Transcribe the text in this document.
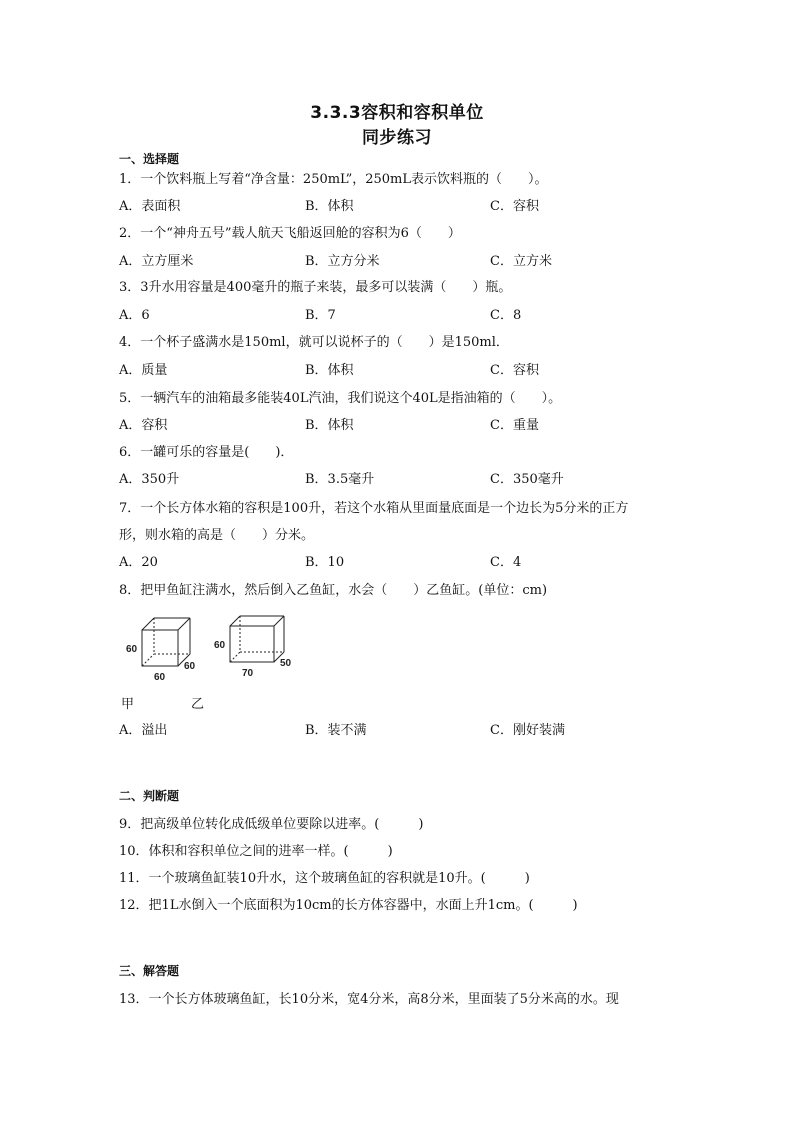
3.3.3容积和容积单位
同步练习
一、选择题
1．一个饮料瓶上写着“净含量：250mL”，250mL表示饮料瓶的（　　）。
A．表面积	B．体积	C．容积
2．一个“神舟五号”载人航天飞船返回舱的容积为6（　　）
A．立方厘米	B．立方分米	C．立方米
3．3升水用容量是400毫升的瓶子来装，最多可以装满（　　）瓶。
A．6	B．7	C．8
4．一个杯子盛满水是150ml，就可以说杯子的（　　）是150ml．
A．质量	B．体积	C．容积
5．一辆汽车的油箱最多能装40L汽油，我们说这个40L是指油箱的（　　）。
A．容积	B．体积	C．重量
6．一罐可乐的容量是(　　)．
A．350升	B．3.5毫升	C．350毫升
7．一个长方体水箱的容积是100升，若这个水箱从里面量底面是一个边长为5分米的正方
形，则水箱的高是（　　）分米。
A．20	B．10	C．4
8．把甲鱼缸注满水，然后倒入乙鱼缸，水会（　　）乙鱼缸。(单位：cm)
60
60
60
60
70
50
甲	乙
A．溢出	B．装不满	C．刚好装满
二、判断题
9．把高级单位转化成低级单位要除以进率。(　　　)
10．体积和容积单位之间的进率一样。(　　　)
11．一个玻璃鱼缸装10升水，这个玻璃鱼缸的容积就是10升。(　　　)
12．把1L水倒入一个底面积为10cm的长方体容器中，水面上升1cm。(　　　)
三、解答题
13．一个长方体玻璃鱼缸，长10分米，宽4分米，高8分米，里面装了5分米高的水。现
